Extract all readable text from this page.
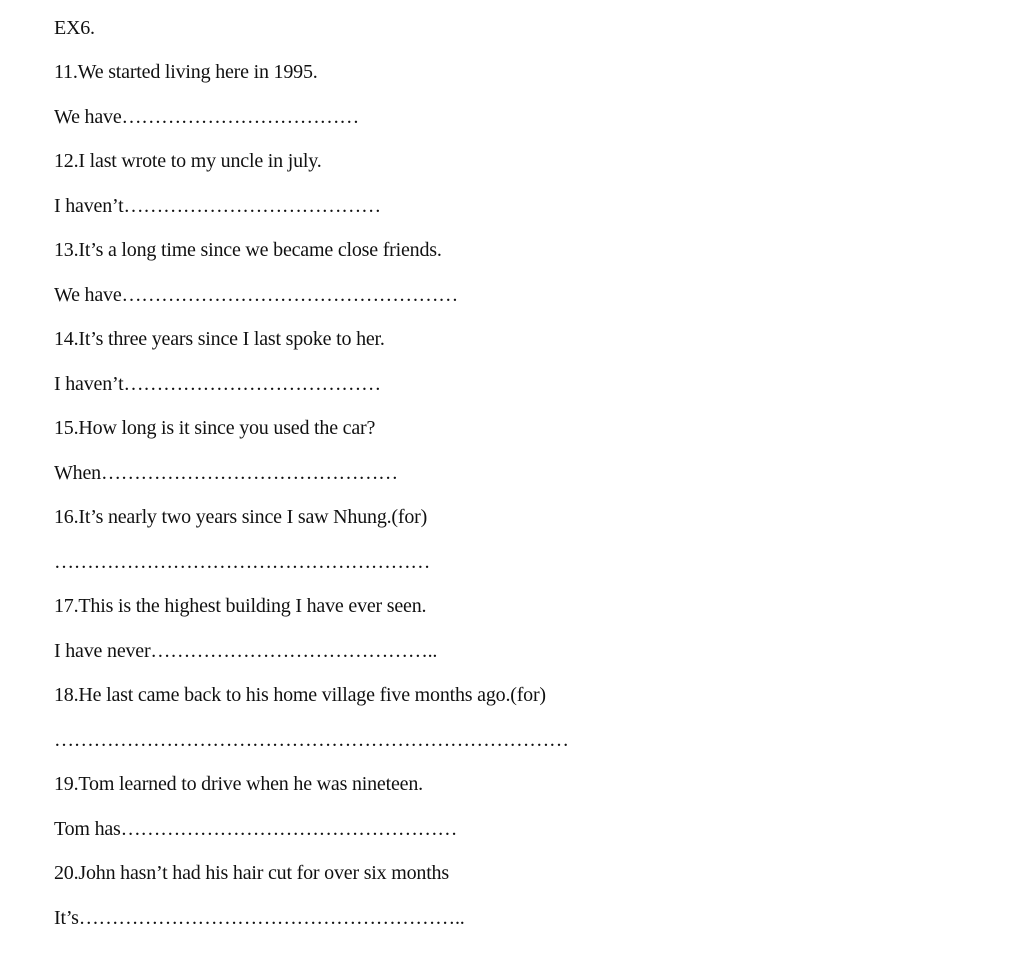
EX6.
11.We started living here in 1995.
We have………………………………
12.I last wrote to my uncle in july.
I haven’t…………………………………
13.It’s a long time since we became close friends.
We have……………………………………………
14.It’s three years since I last spoke to her.
I haven’t…………………………………
15.How long is it since you used the car?
When………………………………………
16.It’s nearly two years since I saw Nhung.(for)
…………………………………………………
17.This is the highest building I have ever seen.
I have never……………………………………..
18.He last came back to his home village five months ago.(for)
……………………………………………………………………
19.Tom learned to drive when he was nineteen.
Tom has……………………………………………
20.John hasn’t had his hair cut for over six months
It’s…………………………………………………..
